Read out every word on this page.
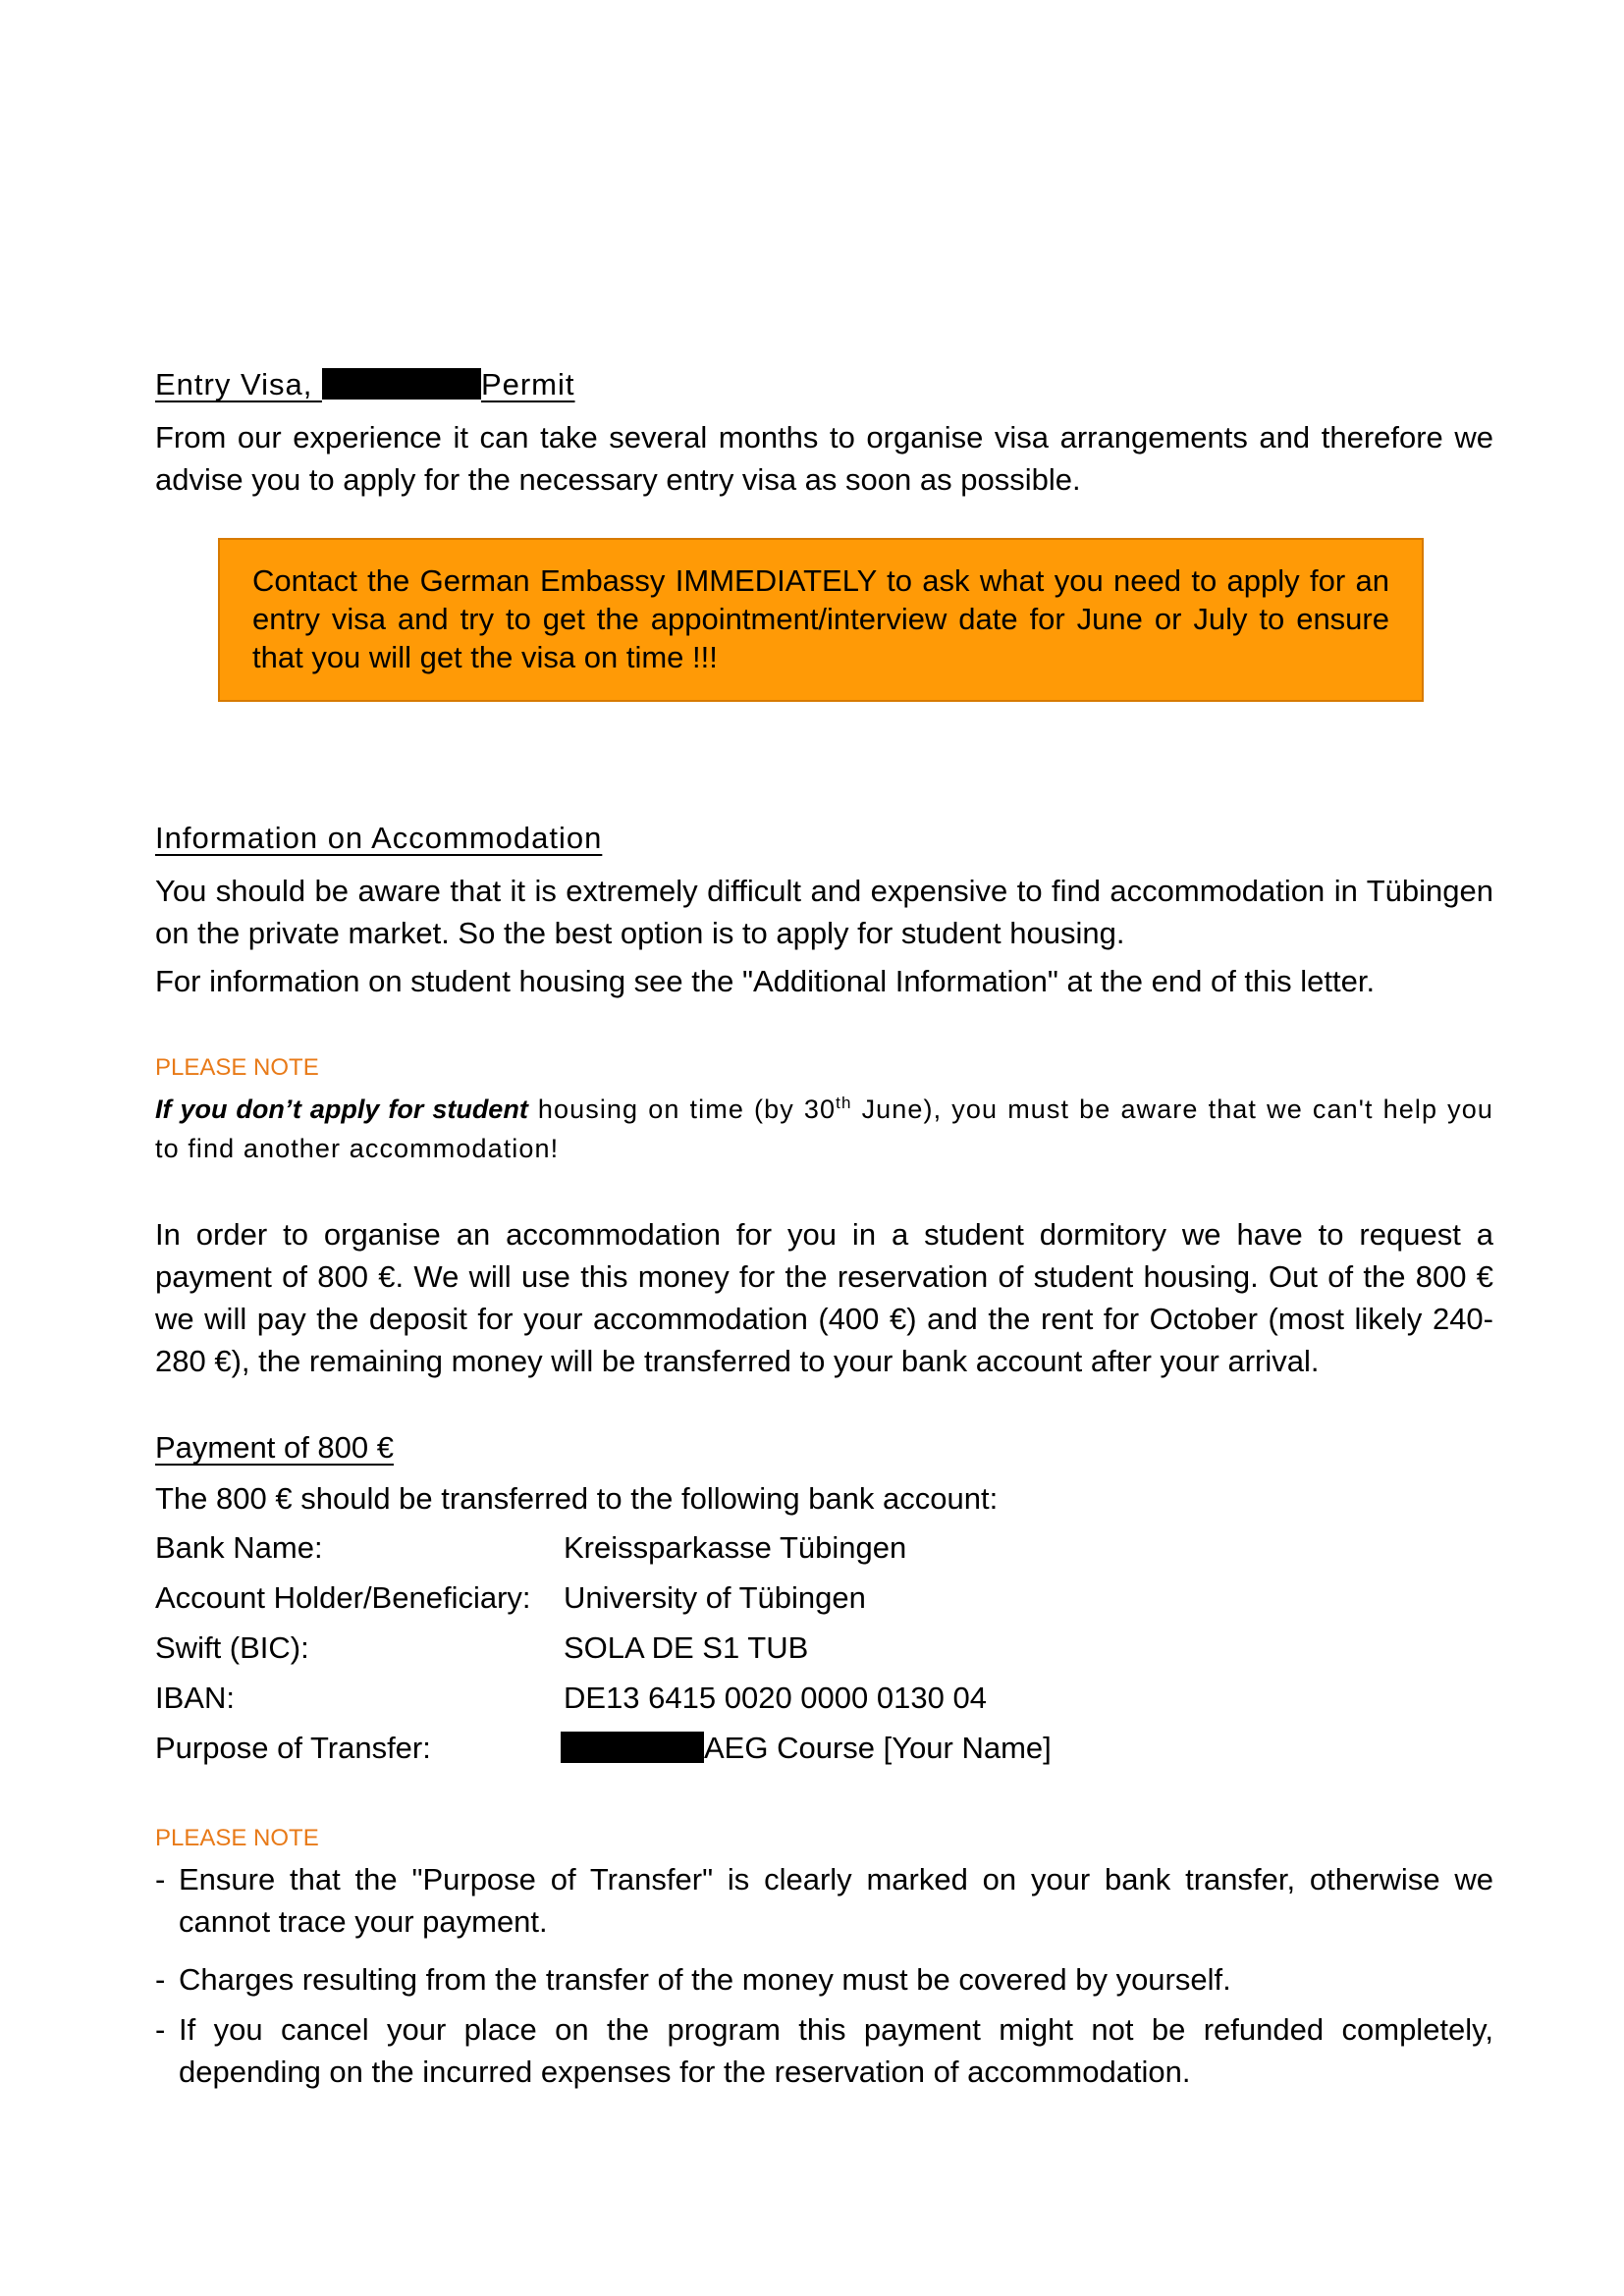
Entry Visa,	Permit
From our experience it can take several months to organise visa arrangements and therefore we advise you to apply for the necessary entry visa as soon as possible.
Contact the German Embassy IMMEDIATELY to ask what you need to apply for an entry visa and try to get the appointment/interview date for June or July to ensure that you will get the visa on time !!!
Information on Accommodation
You should be aware that it is extremely difficult and expensive to find accommodation in Tübingen on the private market. So the best option is to apply for student housing.
For information on student housing see the "Additional Information" at the end of this letter.
PLEASE NOTE
If you don’t apply for student housing on time (by 30th June), you must be aware that we can't help you to find another accommodation!
In order to organise an accommodation for you in a student dormitory we have to request a payment of 800 €. We will use this money for the reservation of student housing. Out of the 800 € we will pay the deposit for your accommodation (400 €) and the rent for October (most likely 240-280 €), the remaining money will be transferred to your bank account after your arrival.
Payment of 800 €
The 800 € should be transferred to the following bank account:
Bank Name:	Kreissparkasse Tübingen
Account Holder/Beneficiary: University of Tübingen
Swift (BIC):	SOLA DE S1 TUB
IBAN:	DE13 6415 0020 0000 0130 04
Purpose of Transfer:	AEG Course [Your Name]
PLEASE NOTE
- Ensure that the "Purpose of Transfer" is clearly marked on your bank transfer, otherwise we cannot trace your payment.
- Charges resulting from the transfer of the money must be covered by yourself.
- If you cancel your place on the program this payment might not be refunded completely, depending on the incurred expenses for the reservation of accommodation.
